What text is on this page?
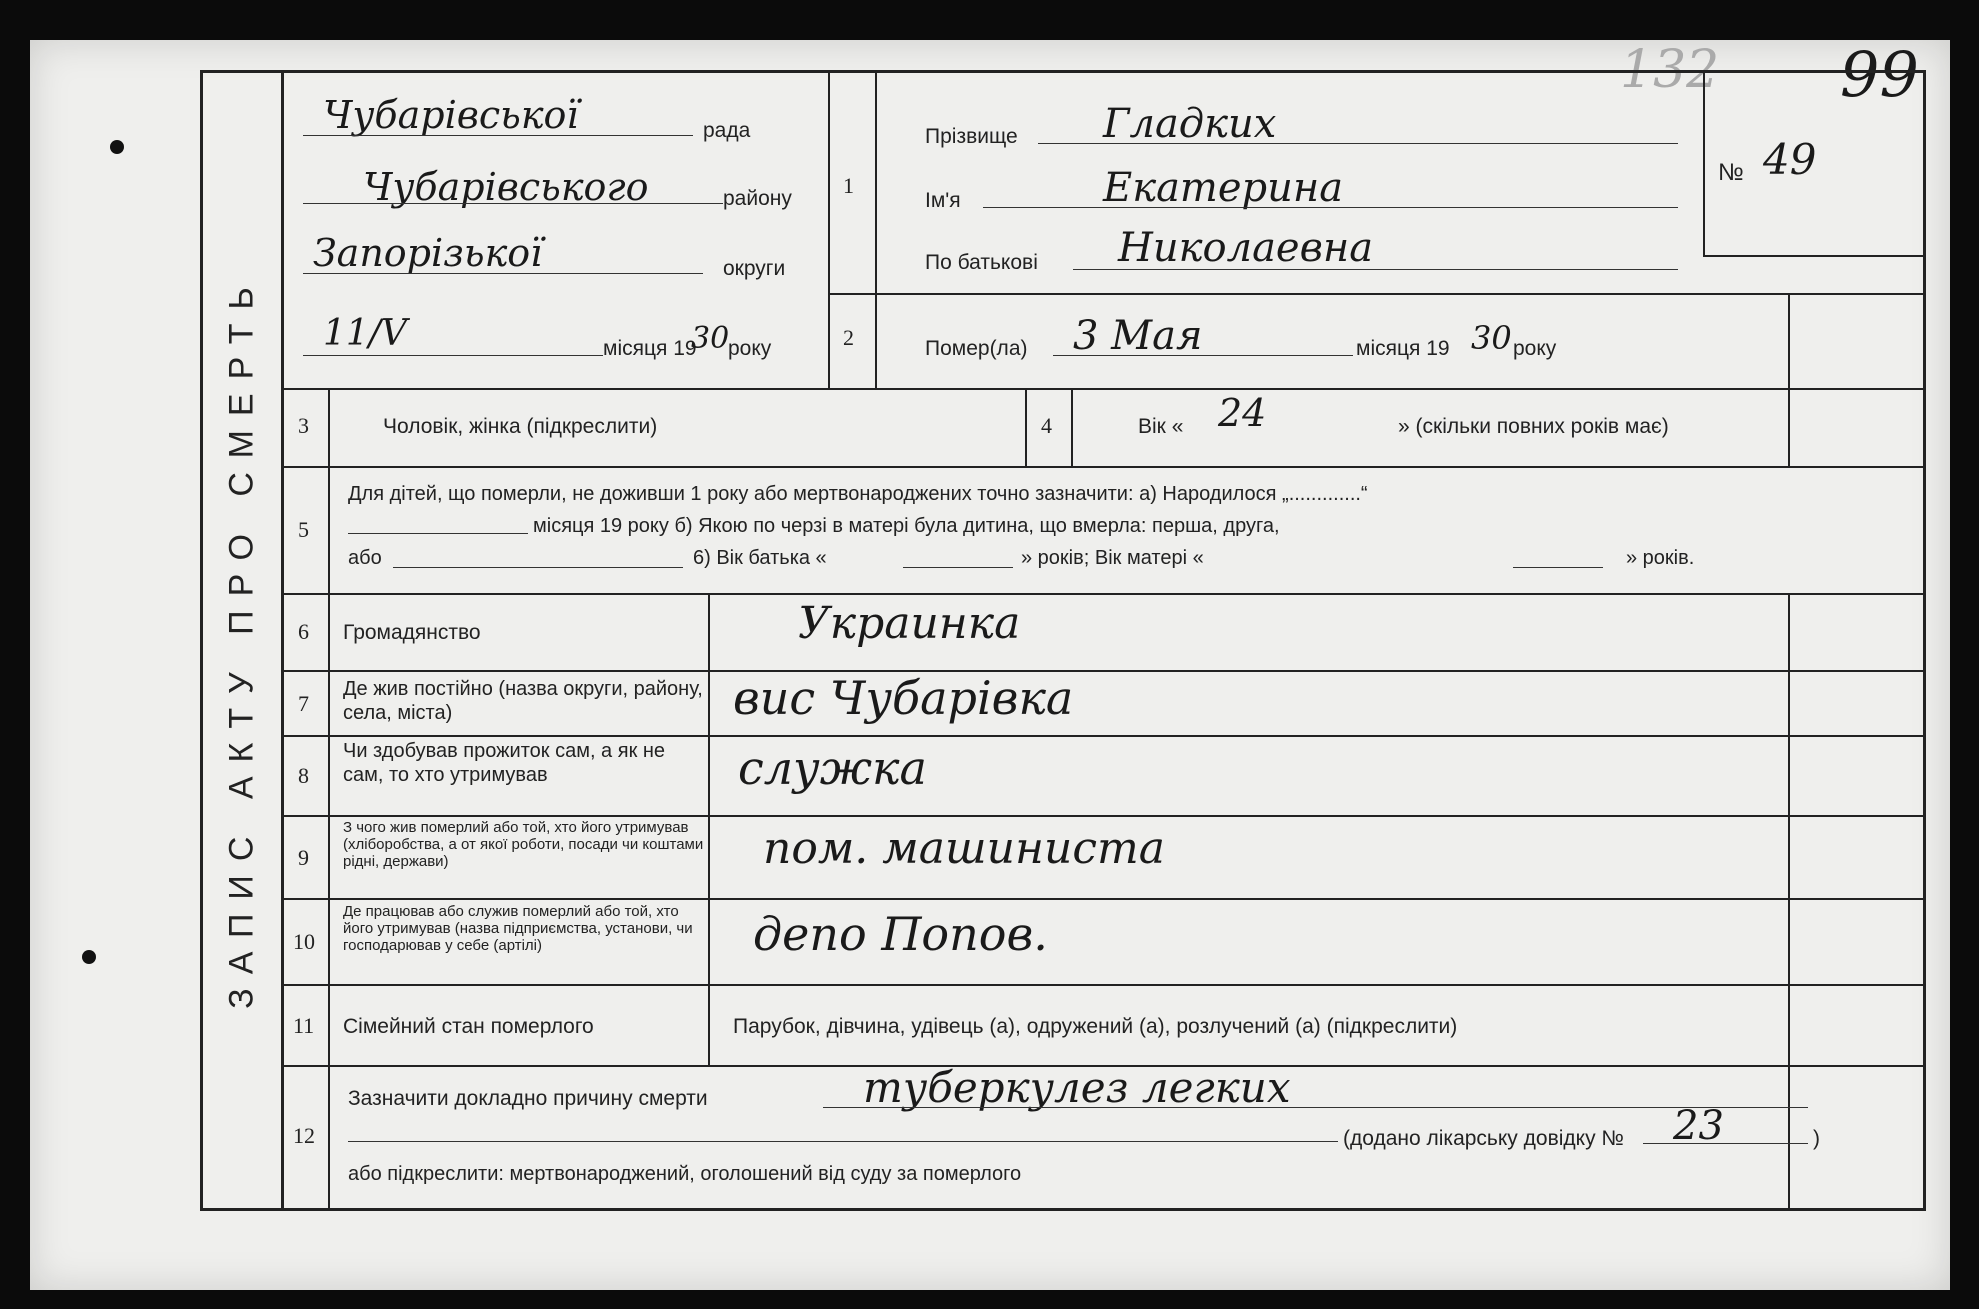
132 99
ЗАПИС АКТУ ПРО СМЕРТЬ
Чубарівської	рада
Чубарівського	району
Запорізької	округи
11/V	місяця 19
30
року
1
Прізвище Гладких
Ім'я	Екатерина
По батькові Николаевна
№ 49
2	Помер(ла) 3 Мая	місяця 19 30 року
3	Чоловік, жінка (підкреслити)	4	Вік « 24	» (скільки повних років має)
5
Для дітей, що померли, не доживши 1 року або мертвонароджених точно зазначити: а) Народилося „.............“
місяця 19 року б) Якою по черзі в матері була дитина, що вмерла: перша, друга,
або	6) Вік батька «	» років; Вік матері «	» років.
6 Громадянство	Украинка
7
Де жив постійно (назва округи, району, села, міста)	вис Чубарівка
8
Чи здобував прожиток сам, а як не сам, то хто утримував	служка
9
З чого жив померлий або той, хто його утримував (хліборобства, а от якої роботи, посади чи коштами рідні, держави)	пом. машиниста
10
Де працював або служив померлий або той, хто його утримував (назва підприємства, установи, чи господарював у себе (артілі)	депо Попов.
11 Сімейний стан померлого	Парубок, дівчина, удівець (а), одружений (а), розлучений (а) (підкреслити)
12
Зазначити докладно причину смерти	туберкулез легких
(додано лікарську довідку № 23	)
або підкреслити: мертвонароджений, оголошений від суду за померлого
